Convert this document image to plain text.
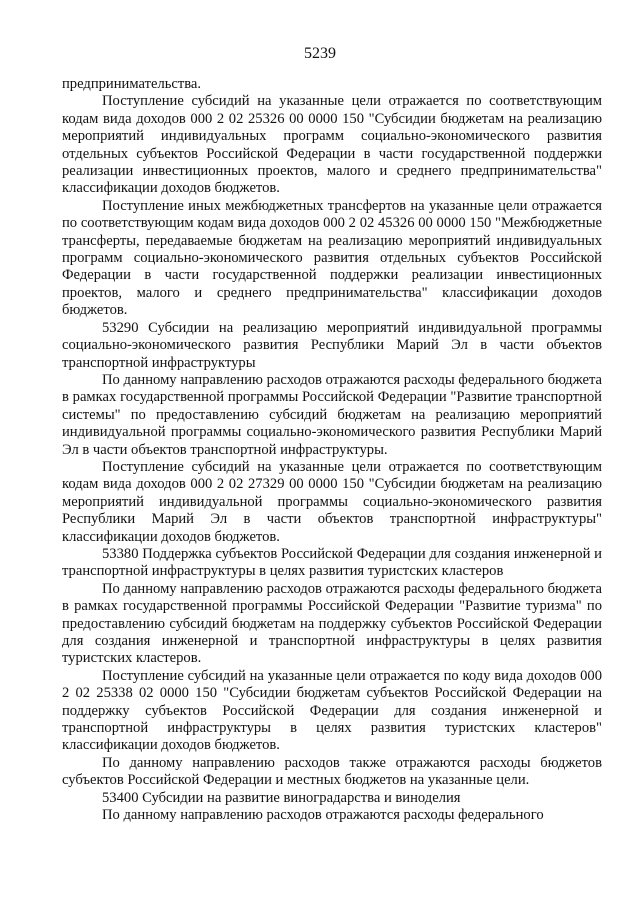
5239

предпринимательства.

Поступление субсидий на указанные цели отражается по соответствующим кодам вида доходов 000 2 02 25326 00 0000 150 "Субсидии бюджетам на реализацию мероприятий индивидуальных программ социально-экономического развития отдельных субъектов Российской Федерации в части государственной поддержки реализации инвестиционных проектов, малого и среднего предпринимательства" классификации доходов бюджетов.

Поступление иных межбюджетных трансфертов на указанные цели отражается по соответствующим кодам вида доходов 000 2 02 45326 00 0000 150 "Межбюджетные трансферты, передаваемые бюджетам на реализацию мероприятий индивидуальных программ социально-экономического развития отдельных субъектов Российской Федерации в части государственной поддержки реализации инвестиционных проектов, малого и среднего предпринимательства" классификации доходов бюджетов.

53290 Субсидии на реализацию мероприятий индивидуальной программы социально-экономического развития Республики Марий Эл в части объектов транспортной инфраструктуры

По данному направлению расходов отражаются расходы федерального бюджета в рамках государственной программы Российской Федерации "Развитие транспортной системы" по предоставлению субсидий бюджетам на реализацию мероприятий индивидуальной программы социально-экономического развития Республики Марий Эл в части объектов транспортной инфраструктуры.

Поступление субсидий на указанные цели отражается по соответствующим кодам вида доходов 000 2 02 27329 00 0000 150 "Субсидии бюджетам на реализацию мероприятий индивидуальной программы социально-экономического развития Республики Марий Эл в части объектов транспортной инфраструктуры" классификации доходов бюджетов.

53380 Поддержка субъектов Российской Федерации для создания инженерной и транспортной инфраструктуры в целях развития туристских кластеров

По данному направлению расходов отражаются расходы федерального бюджета в рамках государственной программы Российской Федерации "Развитие туризма" по предоставлению субсидий бюджетам на поддержку субъектов Российской Федерации для создания инженерной и транспортной инфраструктуры в целях развития туристских кластеров.

Поступление субсидий на указанные цели отражается по коду вида доходов 000 2 02 25338 02 0000 150 "Субсидии бюджетам субъектов Российской Федерации на поддержку субъектов Российской Федерации для создания инженерной и транспортной инфраструктуры в целях развития туристских кластеров" классификации доходов бюджетов.

По данному направлению расходов также отражаются расходы бюджетов субъектов Российской Федерации и местных бюджетов на указанные цели.

53400 Субсидии на развитие виноградарства и виноделия

По данному направлению расходов отражаются расходы федерального
